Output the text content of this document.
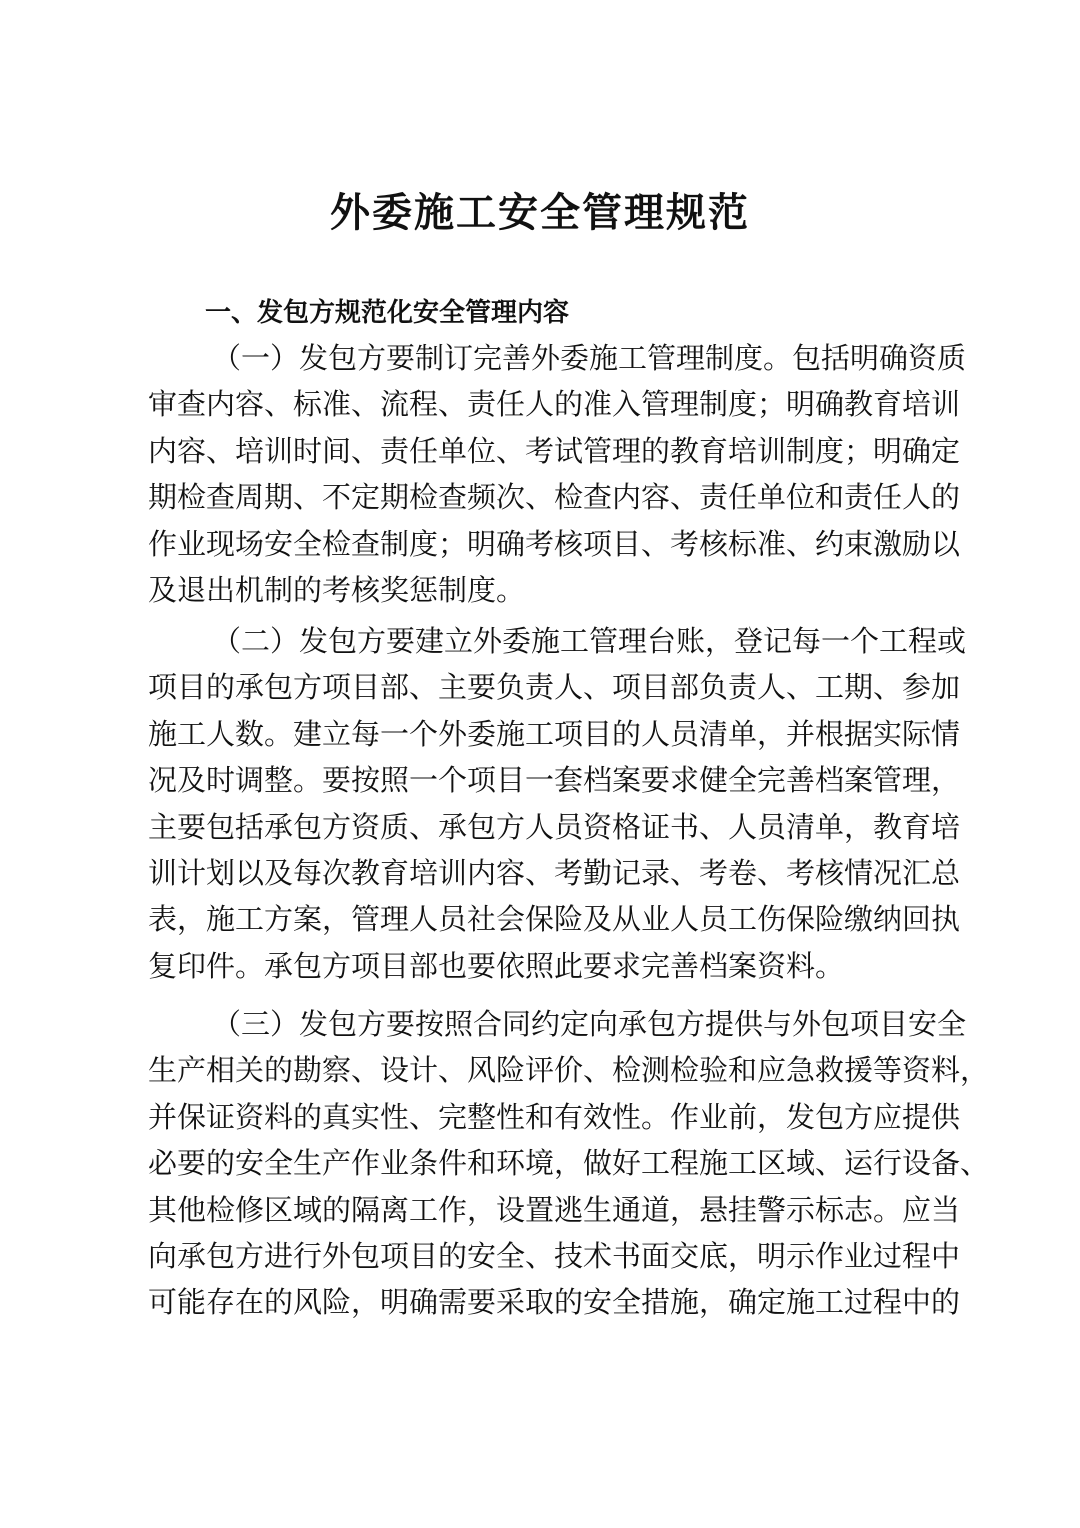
外委施工安全管理规范
一、发包方规范化安全管理内容
（一）发包方要制订完善外委施工管理制度。包括明确资质
审查内容、标准、流程、责任人的准入管理制度；明确教育培训
内容、培训时间、责任单位、考试管理的教育培训制度；明确定
期检查周期、不定期检查频次、检查内容、责任单位和责任人的
作业现场安全检查制度；明确考核项目、考核标准、约束激励以
及退出机制的考核奖惩制度。
（二）发包方要建立外委施工管理台账，登记每一个工程或
项目的承包方项目部、主要负责人、项目部负责人、工期、参加
施工人数。建立每一个外委施工项目的人员清单，并根据实际情
况及时调整。要按照一个项目一套档案要求健全完善档案管理，
主要包括承包方资质、承包方人员资格证书、人员清单，教育培
训计划以及每次教育培训内容、考勤记录、考卷、考核情况汇总
表，施工方案，管理人员社会保险及从业人员工伤保险缴纳回执
复印件。承包方项目部也要依照此要求完善档案资料。
（三）发包方要按照合同约定向承包方提供与外包项目安全
生产相关的勘察、设计、风险评价、检测检验和应急救援等资料，
并保证资料的真实性、完整性和有效性。作业前，发包方应提供
必要的安全生产作业条件和环境，做好工程施工区域、运行设备、
其他检修区域的隔离工作，设置逃生通道，悬挂警示标志。应当
向承包方进行外包项目的安全、技术书面交底，明示作业过程中
可能存在的风险，明确需要采取的安全措施，确定施工过程中的
